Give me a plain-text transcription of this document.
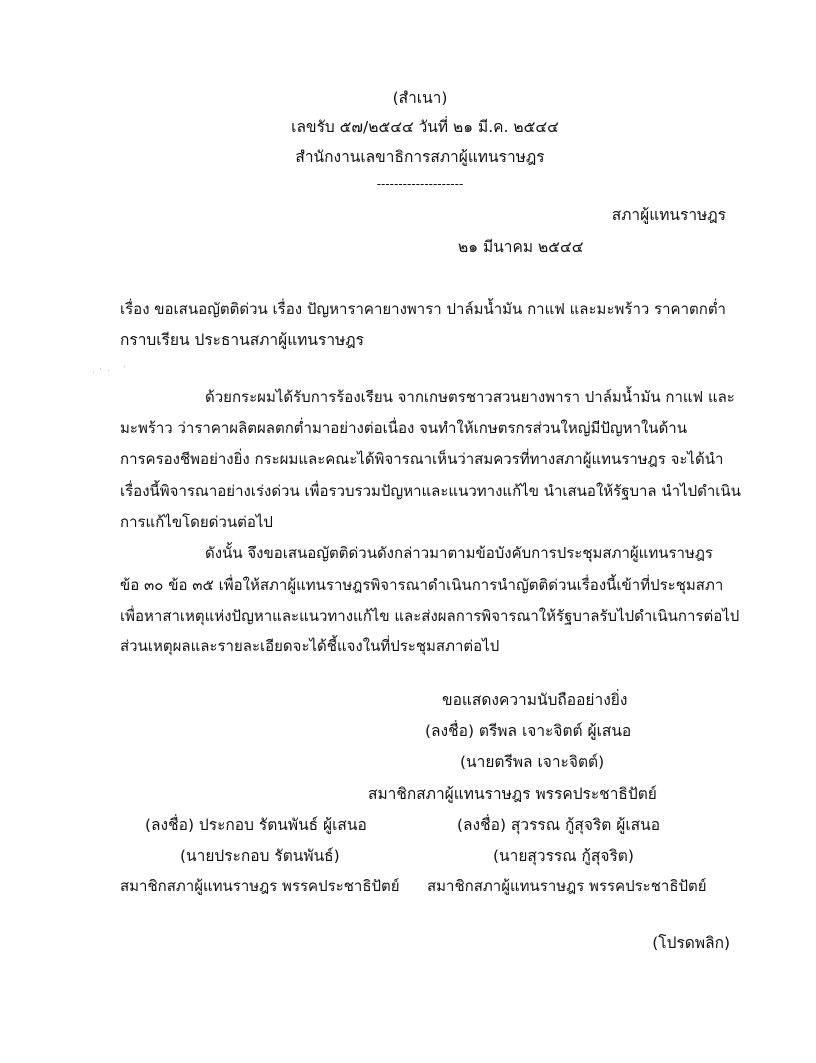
(สำเนา)
เลขรับ ๕๗/๒๕๔๔ วันที่ ๒๑ มี.ค. ๒๕๔๔
สำนักงานเลขาธิการสภาผู้แทนราษฎร
--------------------
สภาผู้แทนราษฎร
๒๑ มีนาคม ๒๕๔๔
เรื่อง ขอเสนอญัตติด่วน เรื่อง ปัญหาราคายางพารา ปาล์มน้ำมัน กาแฟ และมะพร้าว ราคาตกต่ำ
กราบเรียน ประธานสภาผู้แทนราษฎร
ด้วยกระผมได้รับการร้องเรียน จากเกษตรชาวสวนยางพารา ปาล์มน้ำมัน กาแฟ และ
มะพร้าว ว่าราคาผลิตผลตกต่ำมาอย่างต่อเนื่อง จนทำให้เกษตรกรส่วนใหญ่มีปัญหาในด้าน
การครองชีพอย่างยิ่ง กระผมและคณะได้พิจารณาเห็นว่าสมควรที่ทางสภาผู้แทนราษฎร จะได้นำ
เรื่องนี้พิจารณาอย่างเร่งด่วน เพื่อรวบรวมปัญหาและแนวทางแก้ไข นำเสนอให้รัฐบาล นำไปดำเนิน
การแก้ไขโดยด่วนต่อไป
ดังนั้น จึงขอเสนอญัตติด่วนดังกล่าวมาตามข้อบังคับการประชุมสภาผู้แทนราษฎร
ข้อ ๓๐ ข้อ ๓๕ เพื่อให้สภาผู้แทนราษฎรพิจารณาดำเนินการนำญัตติด่วนเรื่องนี้เข้าที่ประชุมสภา
เพื่อหาสาเหตุแห่งปัญหาและแนวทางแก้ไข และส่งผลการพิจารณาให้รัฐบาลรับไปดำเนินการต่อไป
ส่วนเหตุผลและรายละเอียดจะได้ชี้แจงในที่ประชุมสภาต่อไป
ขอแสดงความนับถืออย่างยิ่ง
(ลงชื่อ) ตรีพล เจาะจิตต์ ผู้เสนอ
(นายตรีพล เจาะจิตต์)
สมาชิกสภาผู้แทนราษฎร พรรคประชาธิปัตย์
(ลงชื่อ) ประกอบ รัตนพันธ์ ผู้เสนอ
(นายประกอบ รัตนพันธ์)
สมาชิกสภาผู้แทนราษฎร พรรคประชาธิปัตย์
(ลงชื่อ) สุวรรณ กู้สุจริต ผู้เสนอ
(นายสุวรรณ กู้สุจริต)
สมาชิกสภาผู้แทนราษฎร พรรคประชาธิปัตย์
(โปรดพลิก)
